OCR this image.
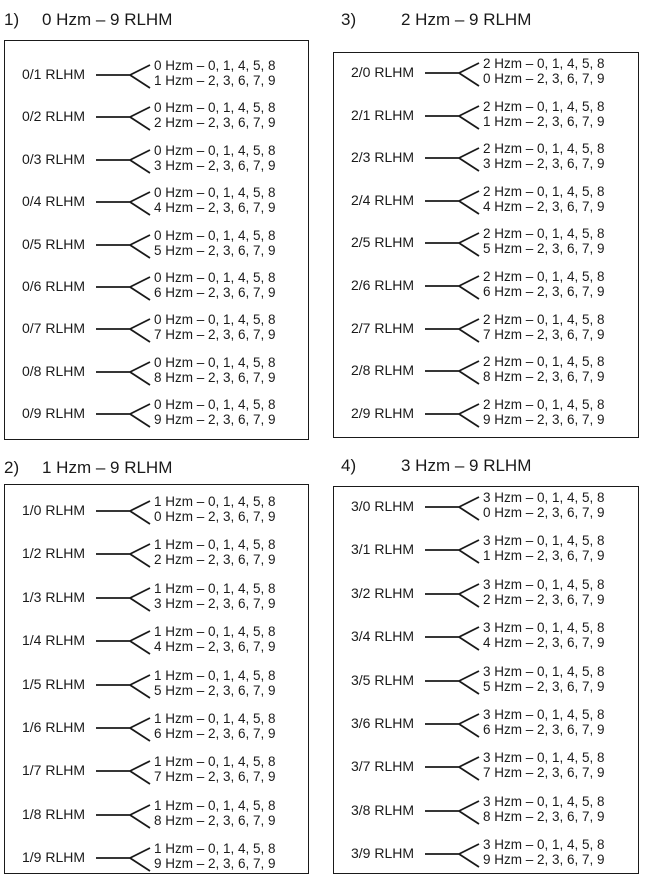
1) 0 Hzm – 9 RLHM
0/1 RLHM
0 Hzm – 0, 1, 4, 5, 8
1 Hzm – 2, 3, 6, 7, 9
0/2 RLHM
0 Hzm – 0, 1, 4, 5, 8
2 Hzm – 2, 3, 6, 7, 9
0/3 RLHM
0 Hzm – 0, 1, 4, 5, 8
3 Hzm – 2, 3, 6, 7, 9
0/4 RLHM
0 Hzm – 0, 1, 4, 5, 8
4 Hzm – 2, 3, 6, 7, 9
0/5 RLHM
0 Hzm – 0, 1, 4, 5, 8
5 Hzm – 2, 3, 6, 7, 9
0/6 RLHM
0 Hzm – 0, 1, 4, 5, 8
6 Hzm – 2, 3, 6, 7, 9
0/7 RLHM
0 Hzm – 0, 1, 4, 5, 8
7 Hzm – 2, 3, 6, 7, 9
0/8 RLHM
0 Hzm – 0, 1, 4, 5, 8
8 Hzm – 2, 3, 6, 7, 9
0/9 RLHM
0 Hzm – 0, 1, 4, 5, 8
9 Hzm – 2, 3, 6, 7, 9
3)	2 Hzm – 9 RLHM
2/0 RLHM
2 Hzm – 0, 1, 4, 5, 8
0 Hzm – 2, 3, 6, 7, 9
2/1 RLHM
2 Hzm – 0, 1, 4, 5, 8
1 Hzm – 2, 3, 6, 7, 9
2/3 RLHM
2 Hzm – 0, 1, 4, 5, 8
3 Hzm – 2, 3, 6, 7, 9
2/4 RLHM
2 Hzm – 0, 1, 4, 5, 8
4 Hzm – 2, 3, 6, 7, 9
2/5 RLHM
2 Hzm – 0, 1, 4, 5, 8
5 Hzm – 2, 3, 6, 7, 9
2/6 RLHM
2 Hzm – 0, 1, 4, 5, 8
6 Hzm – 2, 3, 6, 7, 9
2/7 RLHM
2 Hzm – 0, 1, 4, 5, 8
7 Hzm – 2, 3, 6, 7, 9
2/8 RLHM
2 Hzm – 0, 1, 4, 5, 8
8 Hzm – 2, 3, 6, 7, 9
2/9 RLHM
2 Hzm – 0, 1, 4, 5, 8
9 Hzm – 2, 3, 6, 7, 9
2) 1 Hzm – 9 RLHM
1/0 RLHM
1 Hzm – 0, 1, 4, 5, 8
0 Hzm – 2, 3, 6, 7, 9
1/2 RLHM
1 Hzm – 0, 1, 4, 5, 8
2 Hzm – 2, 3, 6, 7, 9
1/3 RLHM
1 Hzm – 0, 1, 4, 5, 8
3 Hzm – 2, 3, 6, 7, 9
1/4 RLHM
1 Hzm – 0, 1, 4, 5, 8
4 Hzm – 2, 3, 6, 7, 9
1/5 RLHM
1 Hzm – 0, 1, 4, 5, 8
5 Hzm – 2, 3, 6, 7, 9
1/6 RLHM
1 Hzm – 0, 1, 4, 5, 8
6 Hzm – 2, 3, 6, 7, 9
1/7 RLHM
1 Hzm – 0, 1, 4, 5, 8
7 Hzm – 2, 3, 6, 7, 9
1/8 RLHM
1 Hzm – 0, 1, 4, 5, 8
8 Hzm – 2, 3, 6, 7, 9
1/9 RLHM
1 Hzm – 0, 1, 4, 5, 8
9 Hzm – 2, 3, 6, 7, 9
4)	3 Hzm – 9 RLHM
3/0 RLHM
3 Hzm – 0, 1, 4, 5, 8
0 Hzm – 2, 3, 6, 7, 9
3/1 RLHM
3 Hzm – 0, 1, 4, 5, 8
1 Hzm – 2, 3, 6, 7, 9
3/2 RLHM
3 Hzm – 0, 1, 4, 5, 8
2 Hzm – 2, 3, 6, 7, 9
3/4 RLHM
3 Hzm – 0, 1, 4, 5, 8
4 Hzm – 2, 3, 6, 7, 9
3/5 RLHM
3 Hzm – 0, 1, 4, 5, 8
5 Hzm – 2, 3, 6, 7, 9
3/6 RLHM
3 Hzm – 0, 1, 4, 5, 8
6 Hzm – 2, 3, 6, 7, 9
3/7 RLHM
3 Hzm – 0, 1, 4, 5, 8
7 Hzm – 2, 3, 6, 7, 9
3/8 RLHM
3 Hzm – 0, 1, 4, 5, 8
8 Hzm – 2, 3, 6, 7, 9
3/9 RLHM
3 Hzm – 0, 1, 4, 5, 8
9 Hzm – 2, 3, 6, 7, 9
